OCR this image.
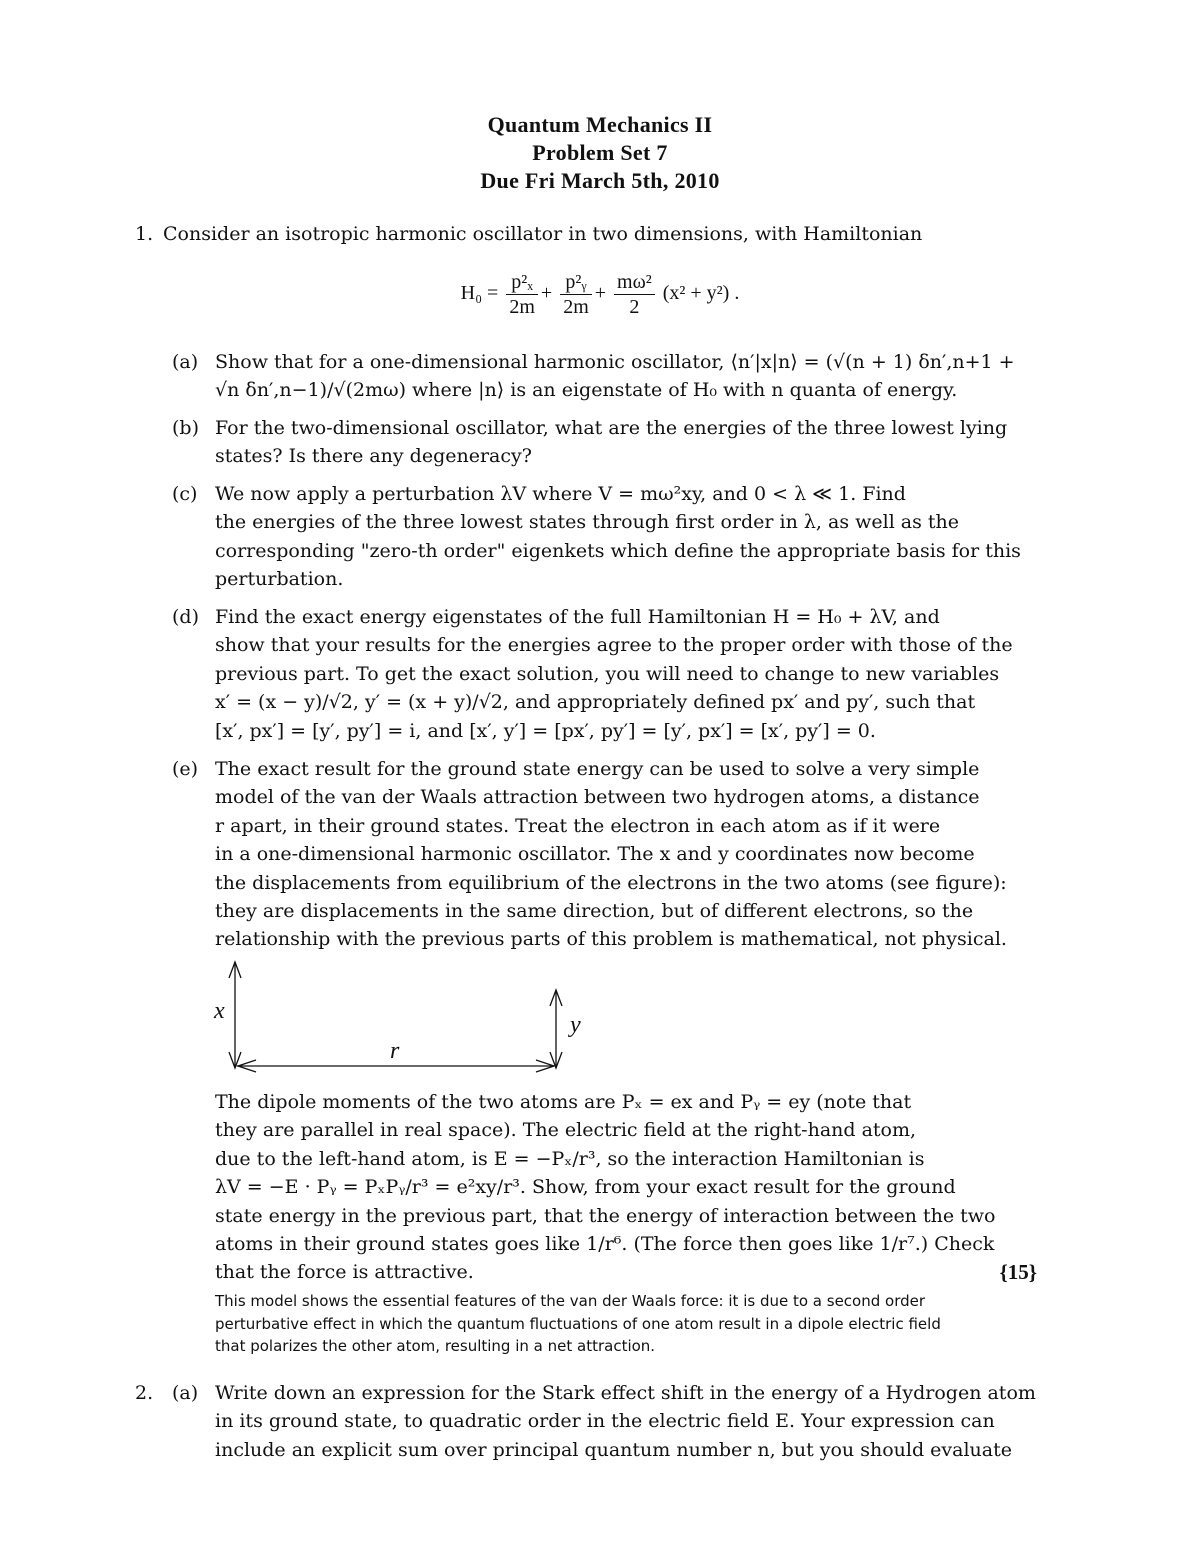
Quantum Mechanics II
Problem Set 7
Due Fri March 5th, 2010
1. Consider an isotropic harmonic oscillator in two dimensions, with Hamiltonian
$H_0 = \frac{\text{p²ₓ}}{2m} + \frac{\text{p²ᵧ}}{2m} + \frac{\text{mω²}}{2} (x^2 + y^2)$ .
(a) Show that for a one-dimensional harmonic oscillator, ⟨n′|x|n⟩ = (√(n + 1) δn′,n+1 +
√n δn′,n−1)/√(2mω) where |n⟩ is an eigenstate of H₀ with n quanta of energy.
(b) For the two-dimensional oscillator, what are the energies of the three lowest lying
states? Is there any degeneracy?
(c) We now apply a perturbation λV where V = mω²xy, and 0 < λ ≪ 1. Find
the energies of the three lowest states through first order in λ, as well as the
corresponding "zero-th order" eigenkets which define the appropriate basis for this
perturbation.
(d) Find the exact energy eigenstates of the full Hamiltonian H = H₀ + λV, and
show that your results for the energies agree to the proper order with those of the
previous part. To get the exact solution, you will need to change to new variables
x′ = (x − y)/√2, y′ = (x + y)/√2, and appropriately defined px′ and py′, such that
[x′, px′] = [y′, py′] = i, and [x′, y′] = [px′, py′] = [y′, px′] = [x′, py′] = 0.
(e) The exact result for the ground state energy can be used to solve a very simple
model of the van der Waals attraction between two hydrogen atoms, a distance
r apart, in their ground states. Treat the electron in each atom as if it were
in a one-dimensional harmonic oscillator. The x and y coordinates now become
the displacements from equilibrium of the electrons in the two atoms (see figure):
they are displacements in the same direction, but of different electrons, so the
relationship with the previous parts of this problem is mathematical, not physical.
x
y
r
The dipole moments of the two atoms are Pₓ = ex and Pᵧ = ey (note that
they are parallel in real space). The electric field at the right-hand atom,
due to the left-hand atom, is E = −Pₓ/r³, so the interaction Hamiltonian is
λV = −E · Pᵧ = PₓPᵧ/r³ = e²xy/r³. Show, from your exact result for the ground
state energy in the previous part, that the energy of interaction between the two
atoms in their ground states goes like 1/r⁶. (The force then goes like 1/r⁷.) Check
that the force is attractive.	{15}
This model shows the essential features of the van der Waals force: it is due to a second order
perturbative effect in which the quantum fluctuations of one atom result in a dipole electric field
that polarizes the other atom, resulting in a net attraction.
2. (a) Write down an expression for the Stark effect shift in the energy of a Hydrogen atom
in its ground state, to quadratic order in the electric field E. Your expression can
include an explicit sum over principal quantum number n, but you should evaluate
